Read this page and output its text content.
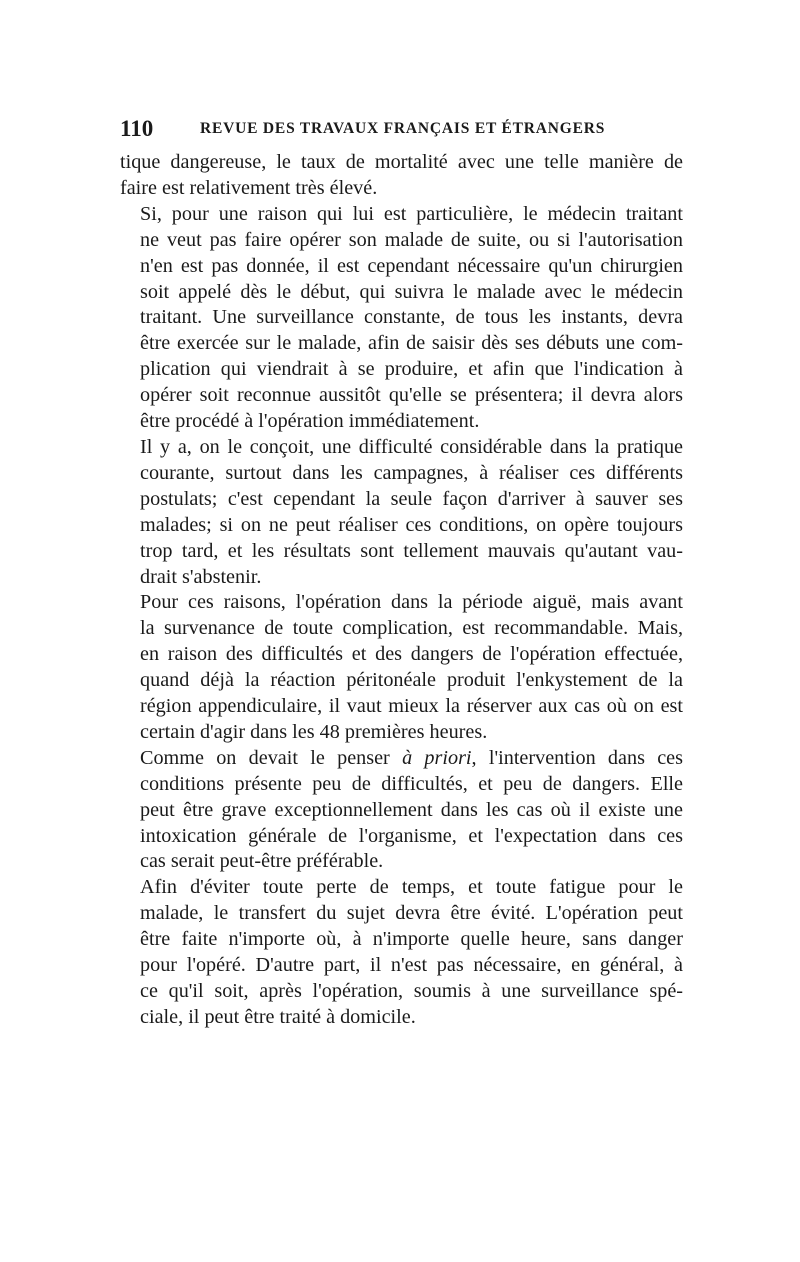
110	REVUE DES TRAVAUX FRANÇAIS ET ÉTRANGERS

tique dangereuse, le taux de mortalité avec une telle manière de
faire est relativement très élevé.

Si, pour une raison qui lui est particulière, le médecin traitant
ne veut pas faire opérer son malade de suite, ou si l'autorisation
n'en est pas donnée, il est cependant nécessaire qu'un chirurgien
soit appelé dès le début, qui suivra le malade avec le médecin
traitant. Une surveillance constante, de tous les instants, devra
être exercée sur le malade, afin de saisir dès ses débuts une com-
plication qui viendrait à se produire, et afin que l'indication à
opérer soit reconnue aussitôt qu'elle se présentera; il devra alors
être procédé à l'opération immédiatement.

Il y a, on le conçoit, une difficulté considérable dans la pratique
courante, surtout dans les campagnes, à réaliser ces différents
postulats; c'est cependant la seule façon d'arriver à sauver ses
malades; si on ne peut réaliser ces conditions, on opère toujours
trop tard, et les résultats sont tellement mauvais qu'autant vau-
drait s'abstenir.

Pour ces raisons, l'opération dans la période aiguë, mais avant
la survenance de toute complication, est recommandable. Mais,
en raison des difficultés et des dangers de l'opération effectuée,
quand déjà la réaction péritonéale produit l'enkystement de la
région appendiculaire, il vaut mieux la réserver aux cas où on est
certain d'agir dans les 48 premières heures.

Comme on devait le penser à priori, l'intervention dans ces
conditions présente peu de difficultés, et peu de dangers. Elle
peut être grave exceptionnellement dans les cas où il existe une
intoxication générale de l'organisme, et l'expectation dans ces
cas serait peut-être préférable.

Afin d'éviter toute perte de temps, et toute fatigue pour le
malade, le transfert du sujet devra être évité. L'opération peut
être faite n'importe où, à n'importe quelle heure, sans danger
pour l'opéré. D'autre part, il n'est pas nécessaire, en général, à
ce qu'il soit, après l'opération, soumis à une surveillance spé-
ciale, il peut être traité à domicile.
